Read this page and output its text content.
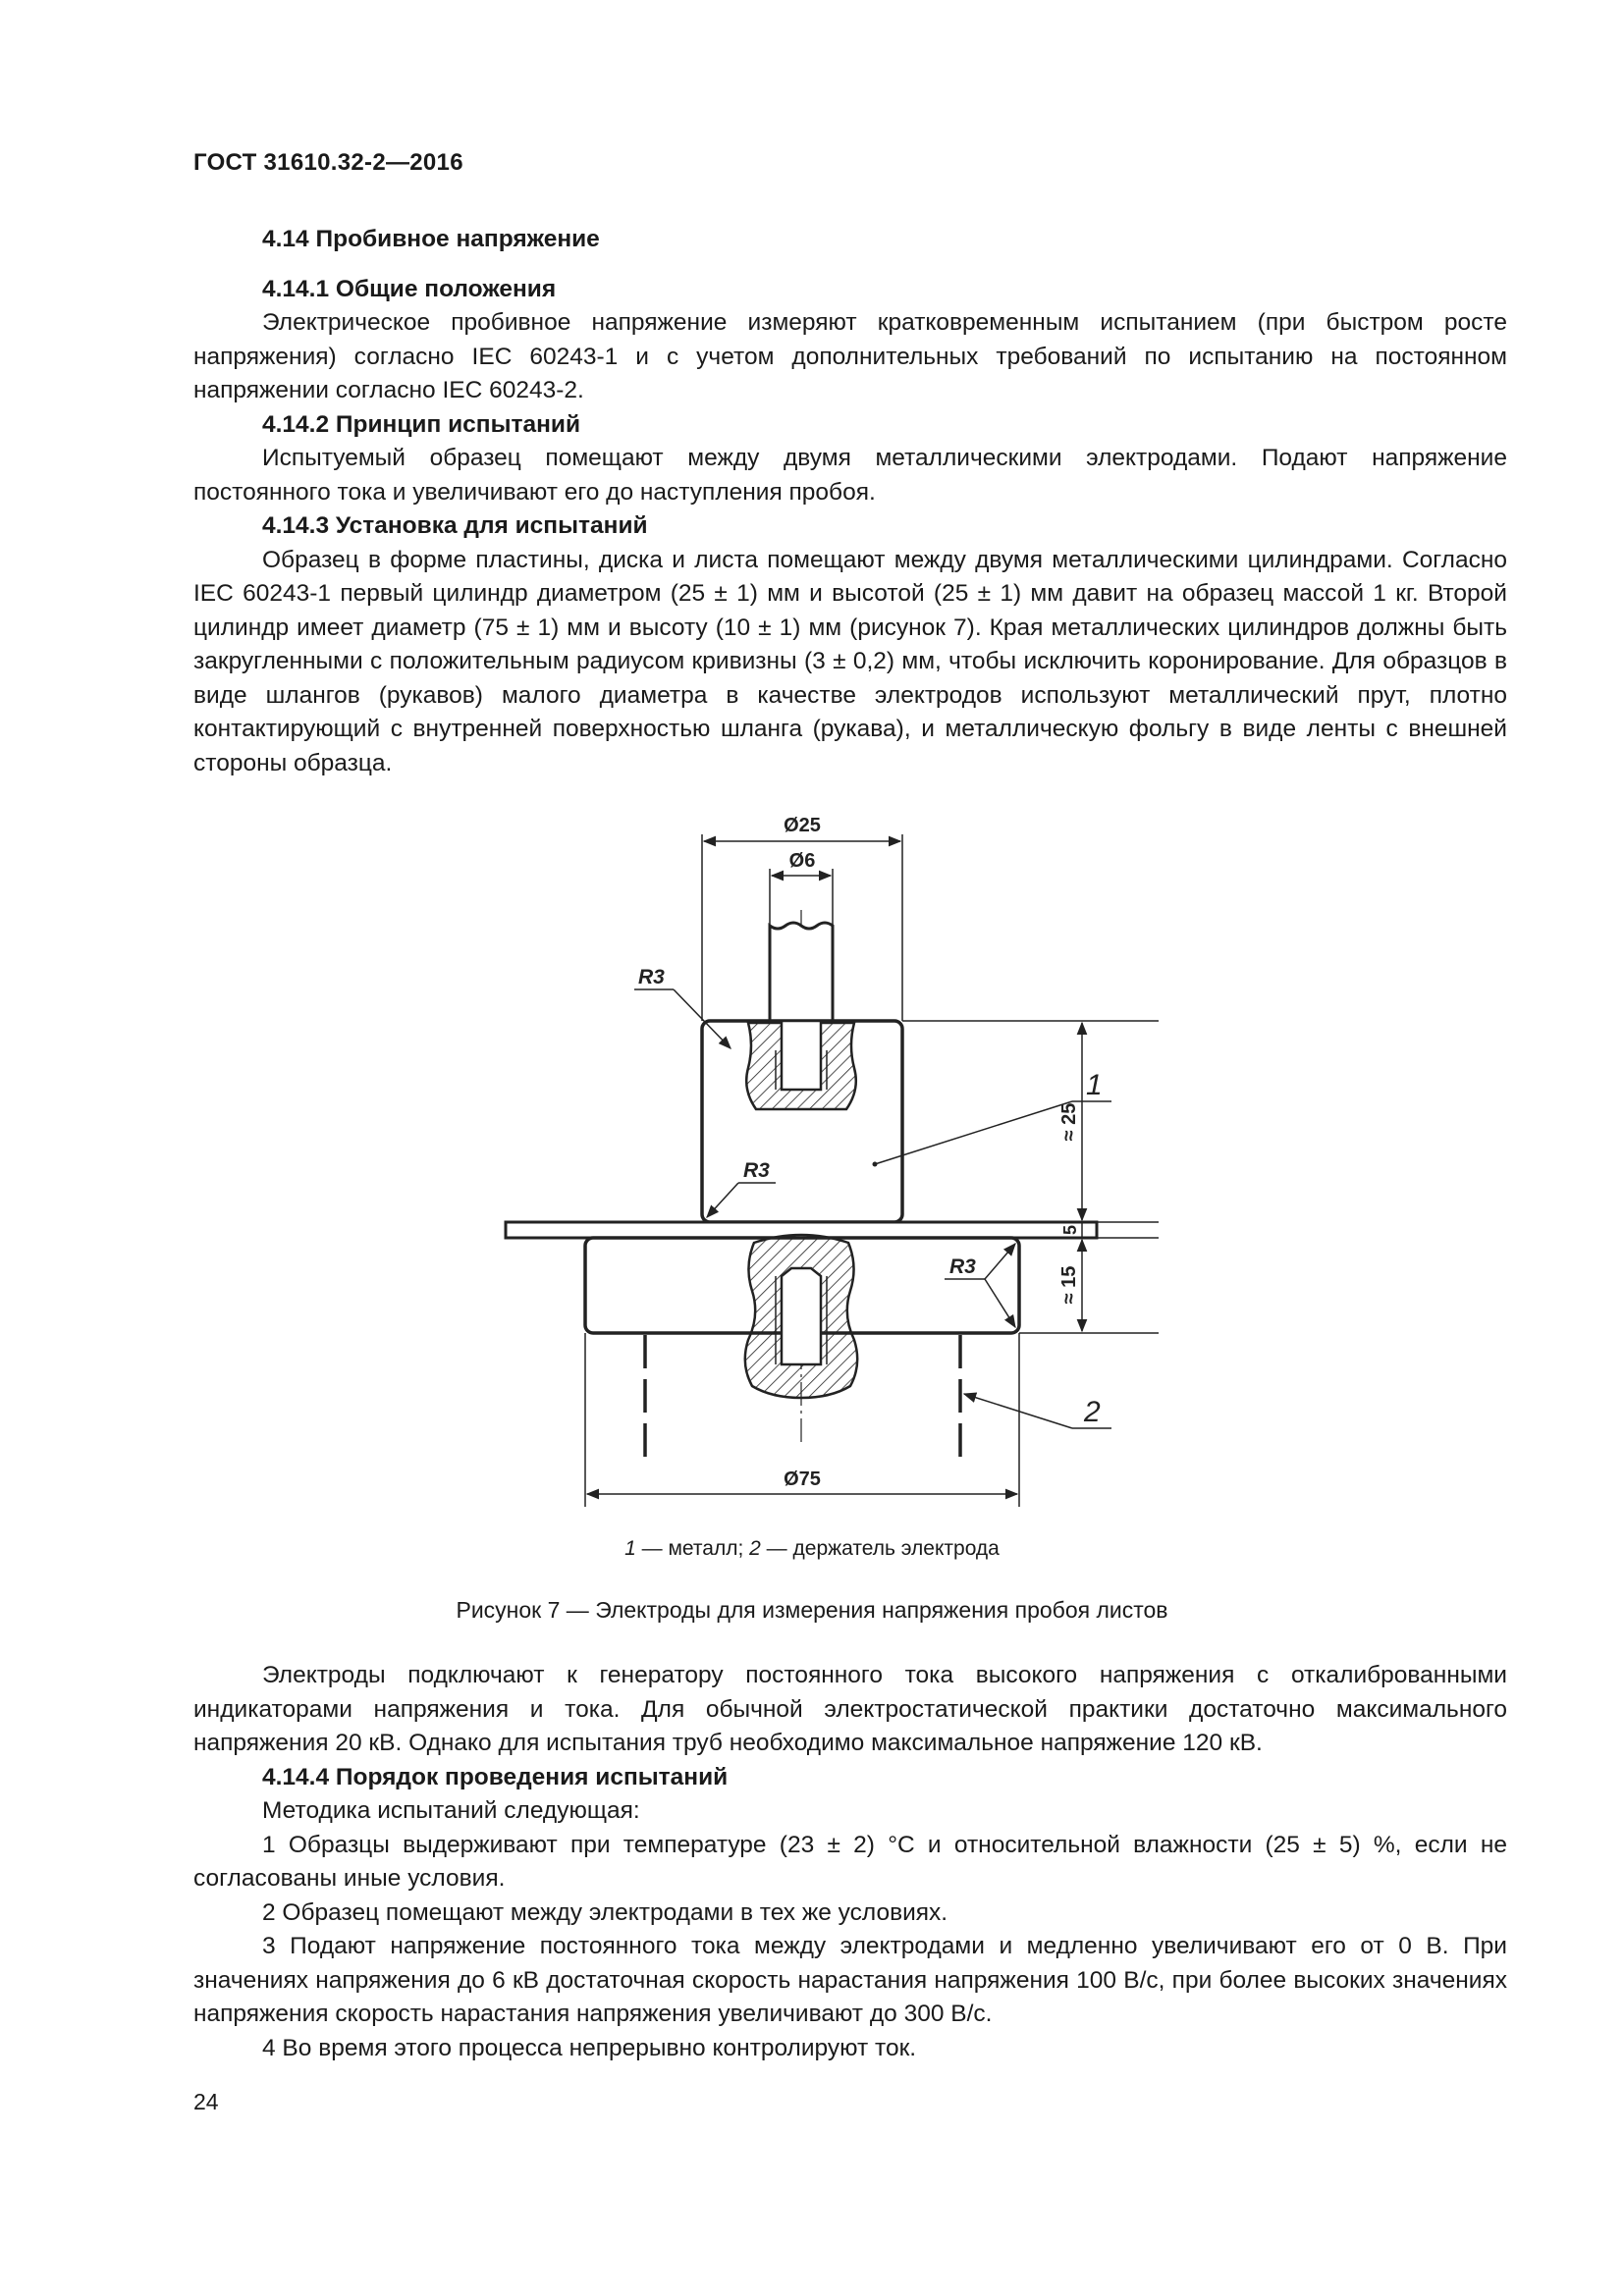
ГОСТ 31610.32-2—2016

4.14 Пробивное напряжение

4.14.1 Общие положения

Электрическое пробивное напряжение измеряют кратковременным испытанием (при быстром росте напряжения) согласно IEC 60243-1 и с учетом дополнительных требований по испытанию на постоянном напряжении согласно IEC 60243-2.

4.14.2 Принцип испытаний

Испытуемый образец помещают между двумя металлическими электродами. Подают напряжение постоянного тока и увеличивают его до наступления пробоя.

4.14.3 Установка для испытаний

Образец в форме пластины, диска и листа помещают между двумя металлическими цилиндрами. Согласно IEC 60243-1 первый цилиндр диаметром (25 ± 1) мм и высотой (25 ± 1) мм давит на образец массой 1 кг. Второй цилиндр имеет диаметр (75 ± 1) мм и высоту (10 ± 1) мм (рисунок 7). Края металлических цилиндров должны быть закругленными с положительным радиусом кривизны (3 ± 0,2) мм, чтобы исключить коронирование. Для образцов в виде шлангов (рукавов) малого диаметра в качестве электродов используют металлический прут, плотно контактирующий с внутренней поверхностью шланга (рукава), и металлическую фольгу в виде ленты с внешней стороны образца.

Ø25
Ø6
Ø75
≈ 25
5
≈ 15
R3
R3
R3
1
2
1 — металл; 2 — держатель электрода
Рисунок 7 — Электроды для измерения напряжения пробоя листов

Электроды подключают к генератору постоянного тока высокого напряжения с откалиброванными индикаторами напряжения и тока. Для обычной электростатической практики достаточно максимального напряжения 20 кВ. Однако для испытания труб необходимо максимальное напряжение 120 кВ.

4.14.4 Порядок проведения испытаний

Методика испытаний следующая:

1 Образцы выдерживают при температуре (23 ± 2) °C и относительной влажности (25 ± 5) %, если не согласованы иные условия.

2 Образец помещают между электродами в тех же условиях.

3 Подают напряжение постоянного тока между электродами и медленно увеличивают его от 0 В. При значениях напряжения до 6 кВ достаточная скорость нарастания напряжения 100 В/с, при более высоких значениях напряжения скорость нарастания напряжения увеличивают до 300 В/с.

4 Во время этого процесса непрерывно контролируют ток.

24
